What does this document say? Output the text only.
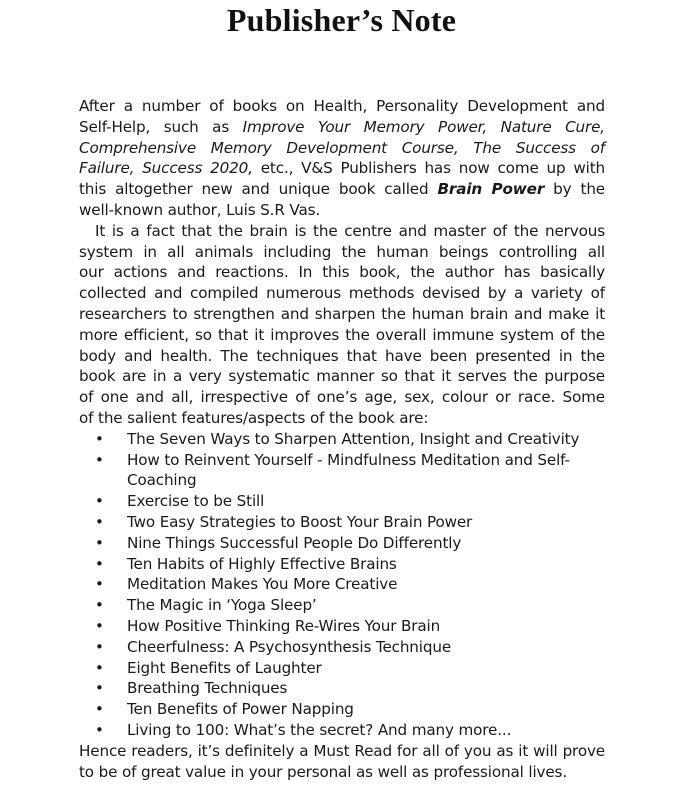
Publisher’s Note

After a number of books on Health, Personality Development and
Self-Help, such as Improve Your Memory Power, Nature Cure,
Comprehensive Memory Development Course, The Success of
Failure, Success 2020, etc., V&S Publishers has now come up with
this altogether new and unique book called Brain Power by the
well-known author, Luis S.R Vas.

It is a fact that the brain is the centre and master of the nervous
system in all animals including the human beings controlling all
our actions and reactions. In this book, the author has basically
collected and compiled numerous methods devised by a variety of
researchers to strengthen and sharpen the human brain and make it
more efficient, so that it improves the overall immune system of the
body and health. The techniques that have been presented in the
book are in a very systematic manner so that it serves the purpose
of one and all, irrespective of one’s age, sex, colour or race. Some
of the salient features/aspects of the book are:

• The Seven Ways to Sharpen Attention, Insight and Creativity
• How to Reinvent Yourself - Mindfulness Meditation and Self-Coaching
• Exercise to be Still
• Two Easy Strategies to Boost Your Brain Power
• Nine Things Successful People Do Differently
• Ten Habits of Highly Effective Brains
• Meditation Makes You More Creative
• The Magic in ‘Yoga Sleep’
• How Positive Thinking Re-Wires Your Brain
• Cheerfulness: A Psychosynthesis Technique
• Eight Benefits of Laughter
• Breathing Techniques
• Ten Benefits of Power Napping
• Living to 100: What’s the secret? And many more...

Hence readers, it’s definitely a Must Read for all of you as it will prove to be of great value in your personal as well as professional lives.
